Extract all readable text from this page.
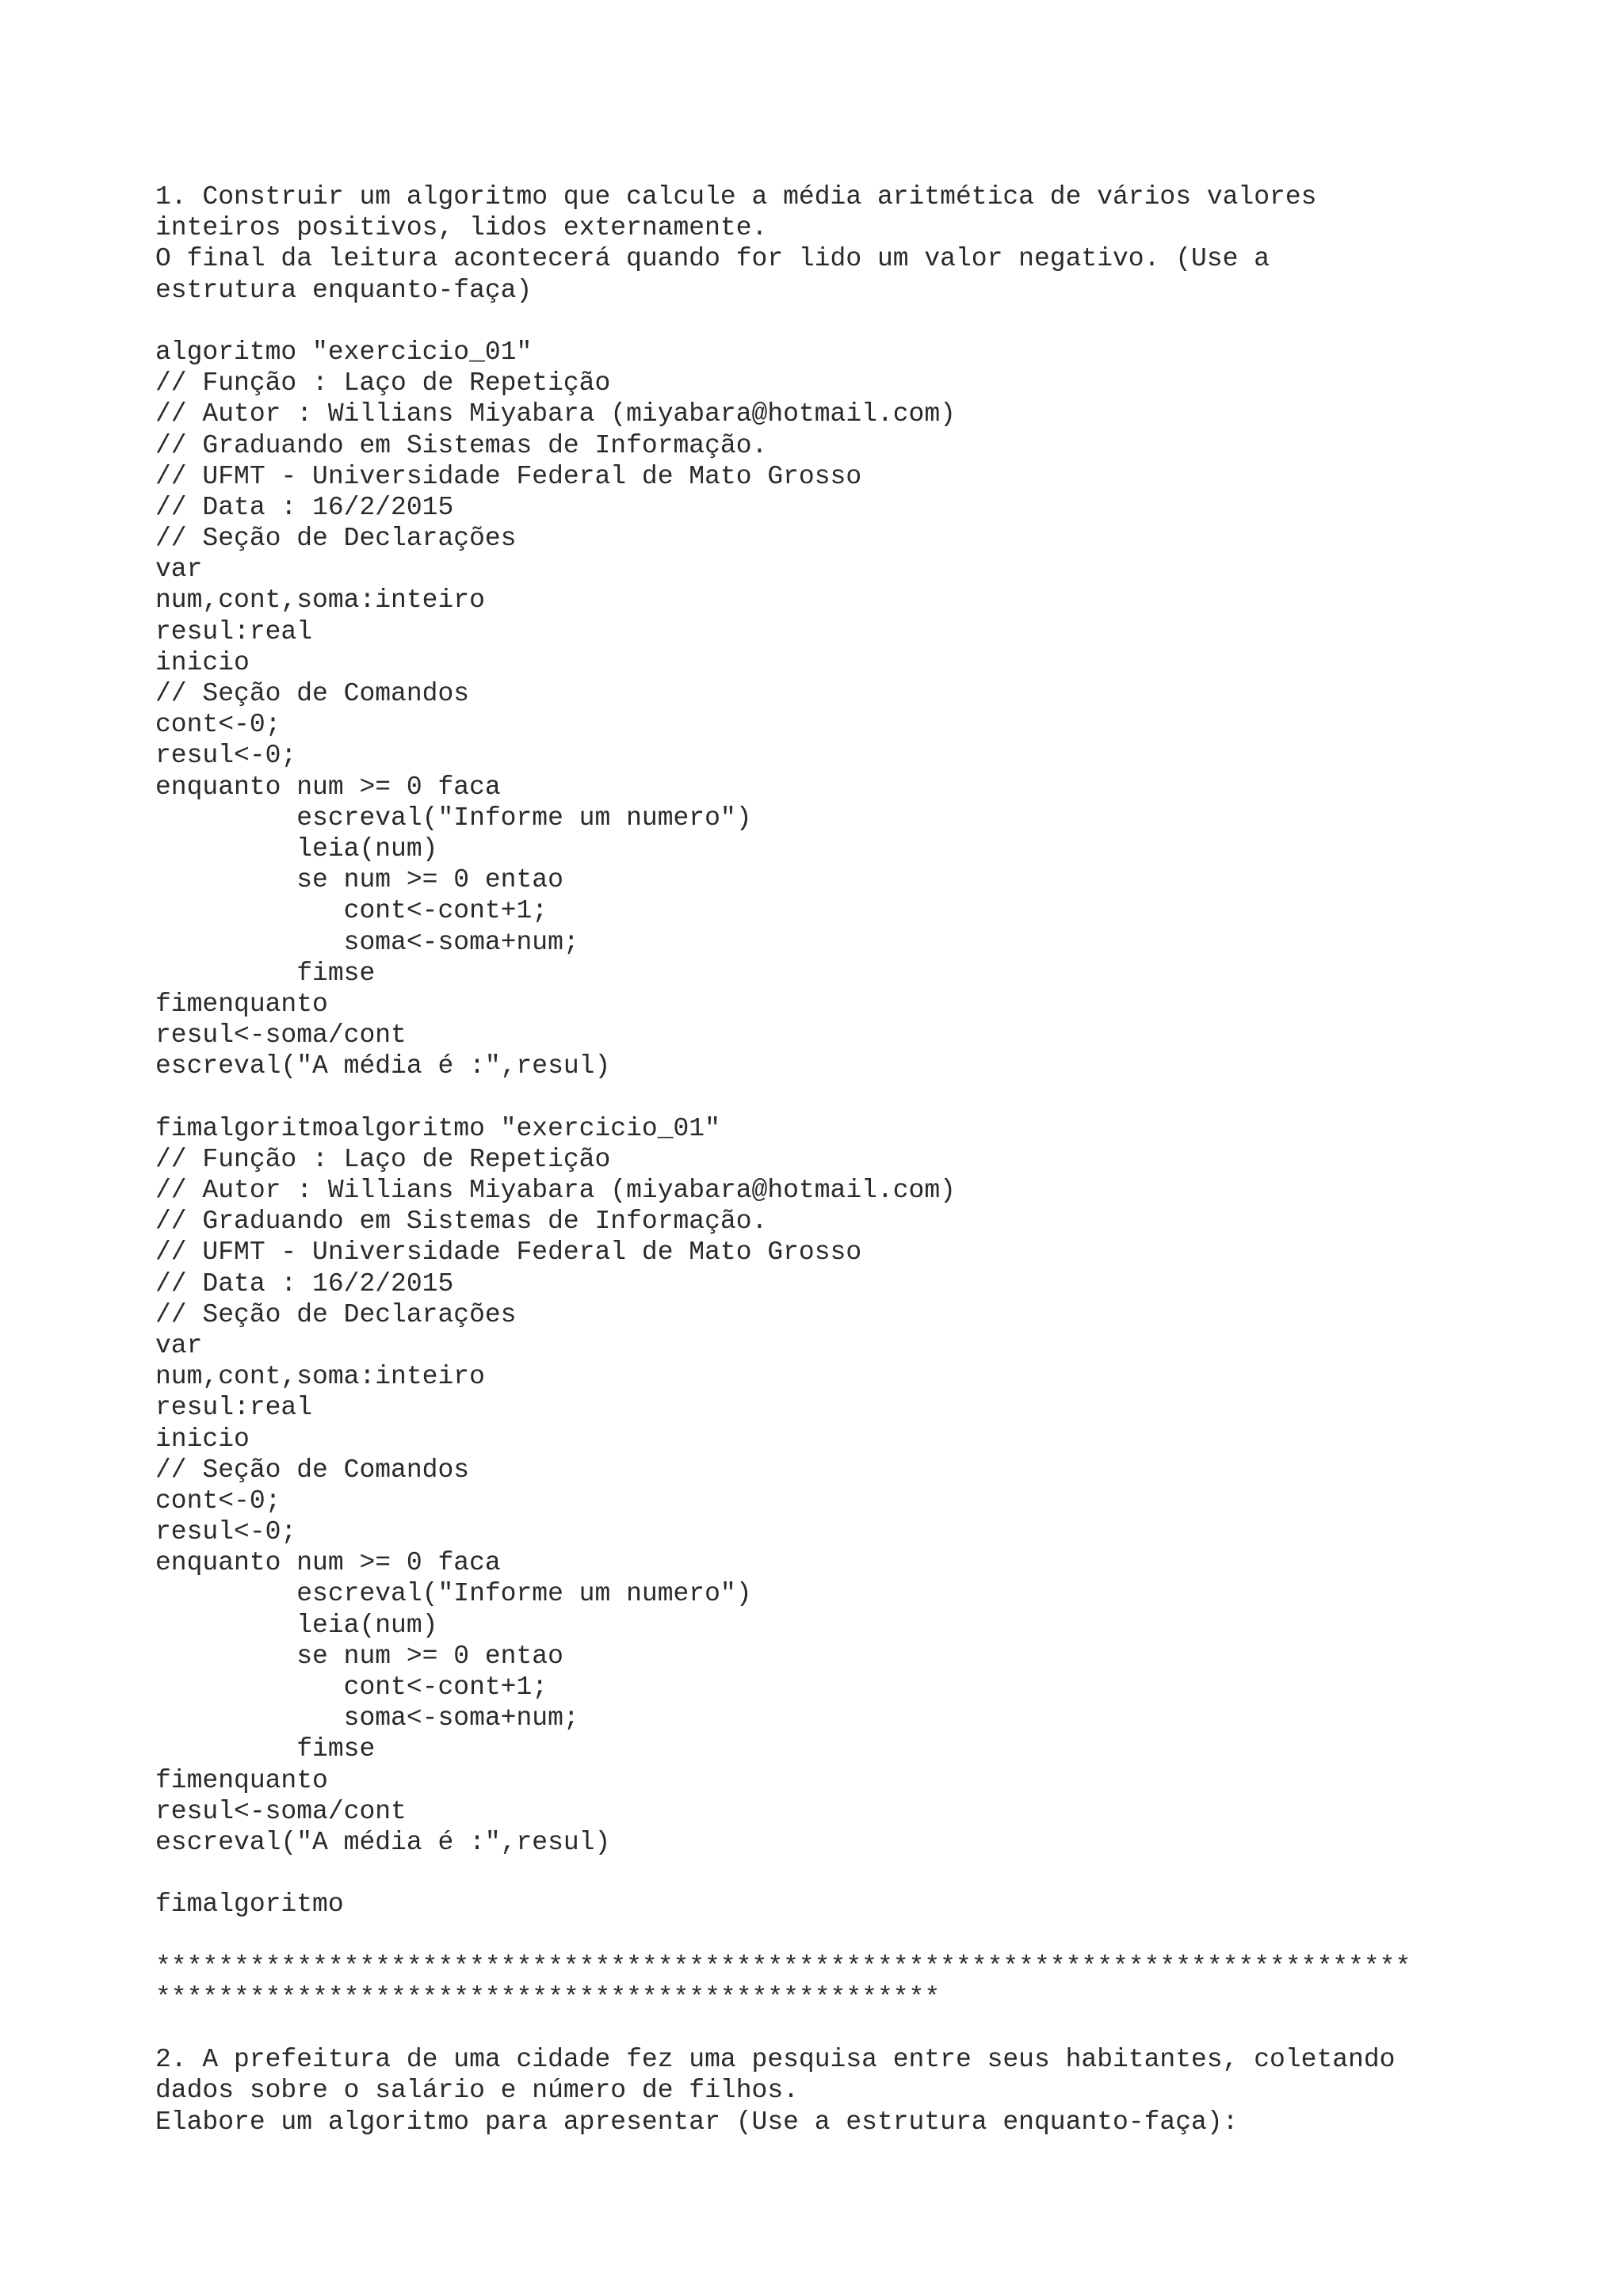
1. Construir um algoritmo que calcule a média aritmética de vários valores
inteiros positivos, lidos externamente.
O final da leitura acontecerá quando for lido um valor negativo. (Use a
estrutura enquanto-faça)
algoritmo "exercicio_01"
// Função : Laço de Repetição
// Autor : Willians Miyabara (miyabara@hotmail.com)
// Graduando em Sistemas de Informação.
// UFMT - Universidade Federal de Mato Grosso
// Data : 16/2/2015
// Seção de Declarações
var
num,cont,soma:inteiro
resul:real
inicio
// Seção de Comandos
cont<-0;
resul<-0;
enquanto num >= 0 faca
escreval("Informe um numero")
leia(num)
se num >= 0 entao
cont<-cont+1;
soma<-soma+num;
fimse
fimenquanto
resul<-soma/cont
escreval("A média é :",resul)
fimalgoritmoalgoritmo "exercicio_01"
// Função : Laço de Repetição
// Autor : Willians Miyabara (miyabara@hotmail.com)
// Graduando em Sistemas de Informação.
// UFMT - Universidade Federal de Mato Grosso
// Data : 16/2/2015
// Seção de Declarações
var
num,cont,soma:inteiro
resul:real
inicio
// Seção de Comandos
cont<-0;
resul<-0;
enquanto num >= 0 faca
escreval("Informe um numero")
leia(num)
se num >= 0 entao
cont<-cont+1;
soma<-soma+num;
fimse
fimenquanto
resul<-soma/cont
escreval("A média é :",resul)
fimalgoritmo
********************************************************************************
**************************************************
2. A prefeitura de uma cidade fez uma pesquisa entre seus habitantes, coletando
dados sobre o salário e número de filhos.
Elabore um algoritmo para apresentar (Use a estrutura enquanto-faça):
